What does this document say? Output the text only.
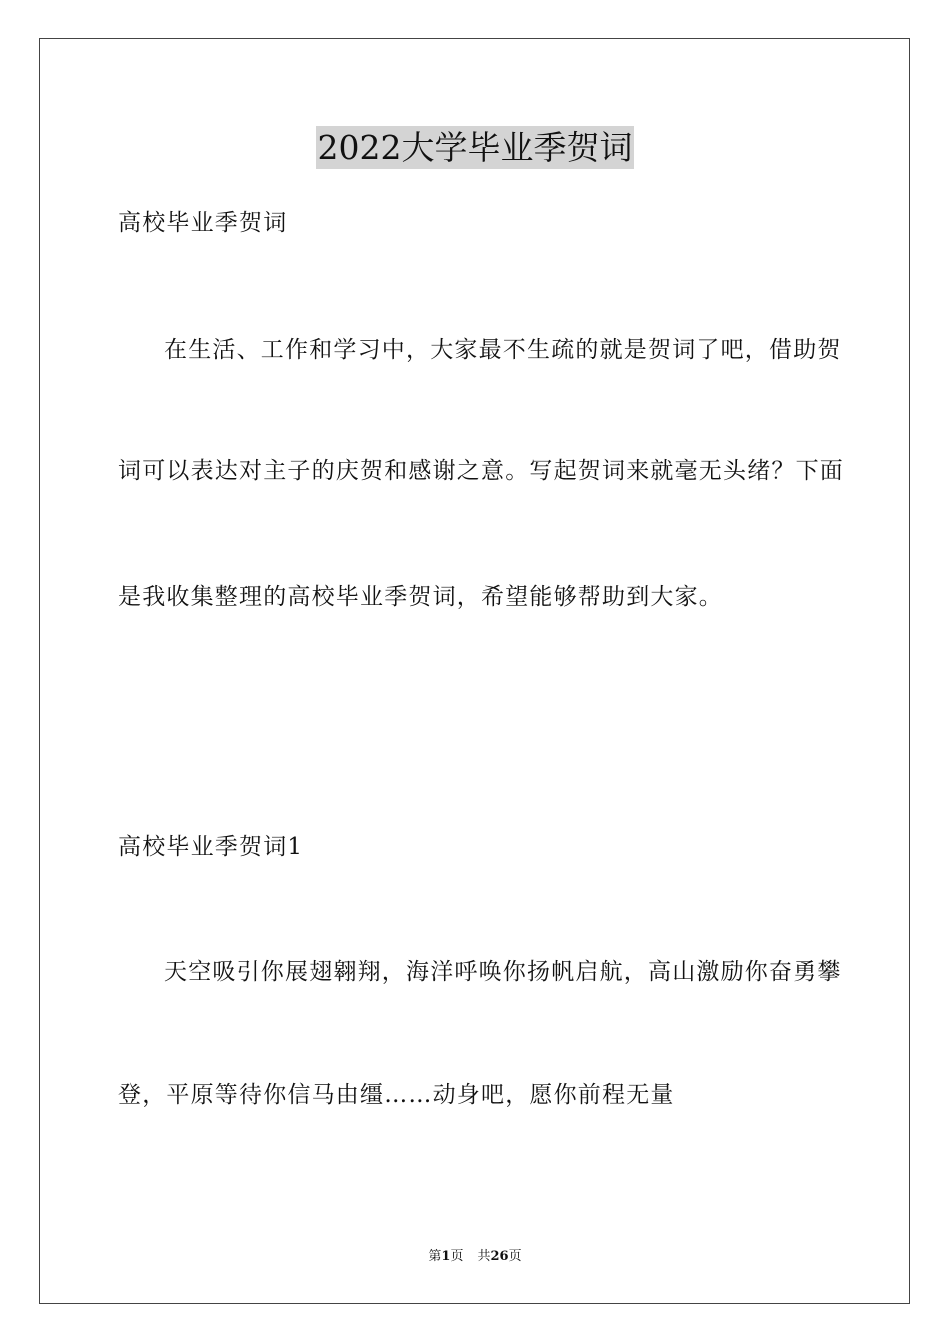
2022大学毕业季贺词
高校毕业季贺词
在生活、工作和学习中，大家最不生疏的就是贺词了吧，借助贺
词可以表达对主子的庆贺和感谢之意。写起贺词来就毫无头绪？下面
是我收集整理的高校毕业季贺词，希望能够帮助到大家。
高校毕业季贺词1
天空吸引你展翅翱翔，海洋呼唤你扬帆启航，高山激励你奋勇攀
登，平原等待你信马由缰……动身吧，愿你前程无量
第1页 共26页
